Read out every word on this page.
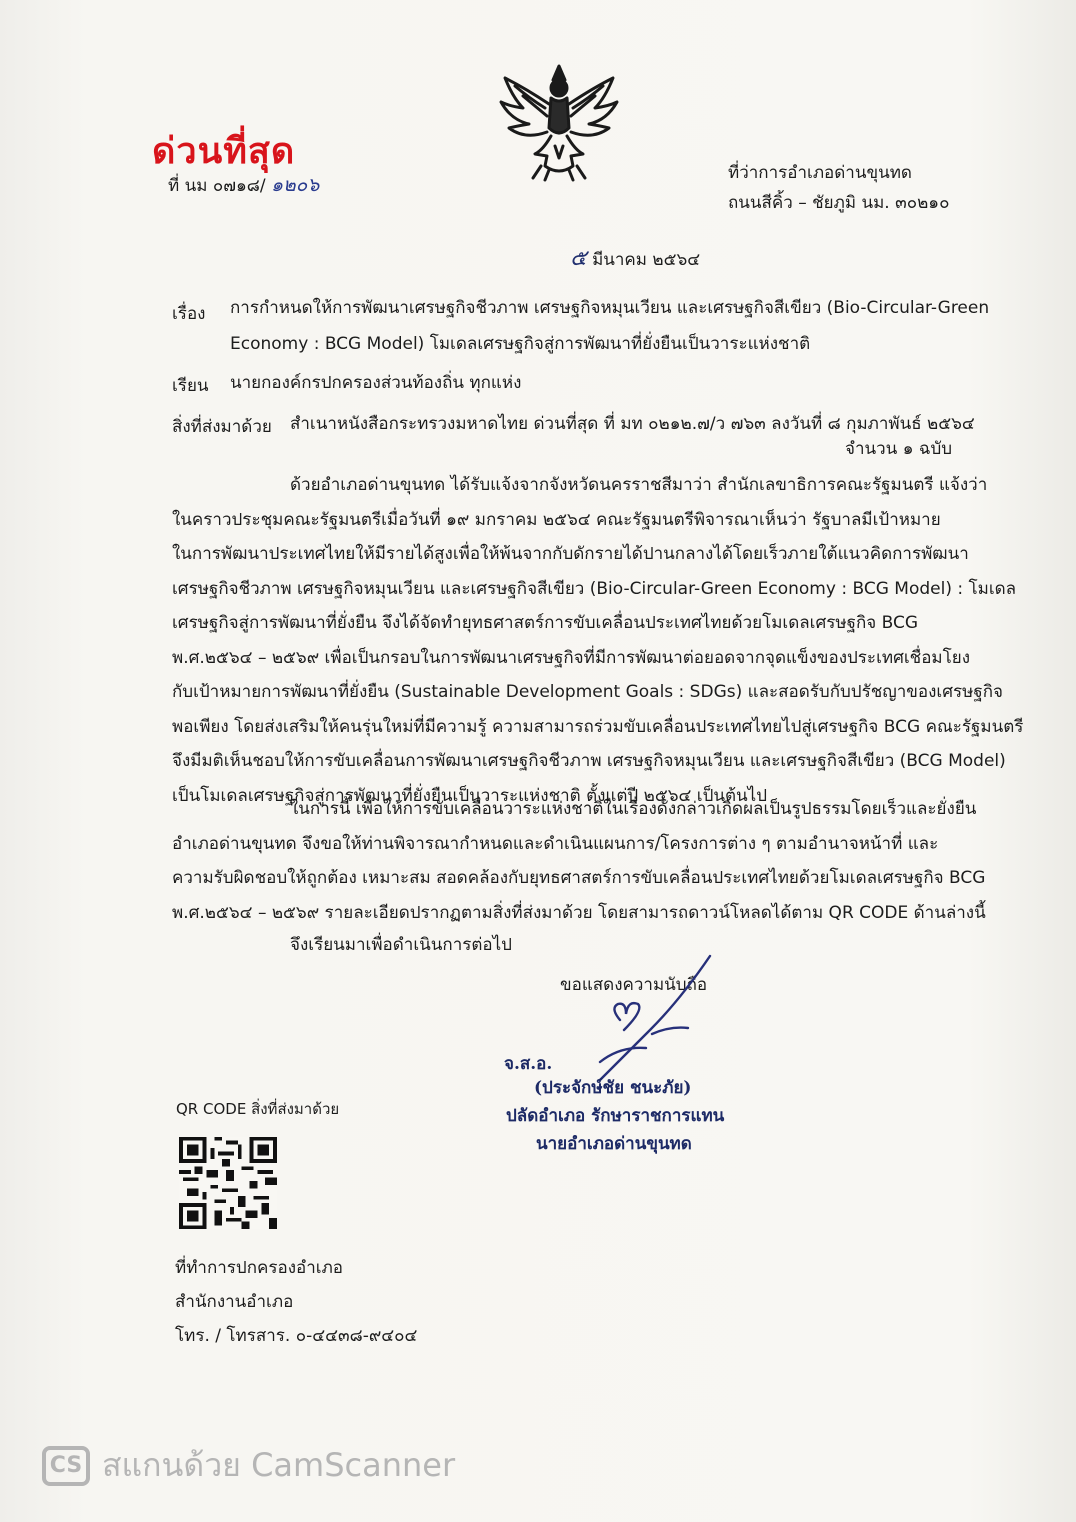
ด่วนที่สุด
ที่ นม ๐๗๑๘/ ๑๒๐๖
ที่ว่าการอำเภอด่านขุนทด
ถนนสีคิ้ว – ชัยภูมิ นม. ๓๐๒๑๐
๕ มีนาคม ๒๕๖๔
เรื่อง การกำหนดให้การพัฒนาเศรษฐกิจชีวภาพ เศรษฐกิจหมุนเวียน และเศรษฐกิจสีเขียว (Bio-Circular-Green
Economy : BCG Model) โมเดลเศรษฐกิจสู่การพัฒนาที่ยั่งยืนเป็นวาระแห่งชาติ
เรียน นายกองค์กรปกครองส่วนท้องถิ่น ทุกแห่ง
สิ่งที่ส่งมาด้วย สำเนาหนังสือกระทรวงมหาดไทย ด่วนที่สุด ที่ มท ๐๒๑๒.๗/ว ๗๖๓ ลงวันที่ ๘ กุมภาพันธ์ ๒๕๖๔
จำนวน ๑ ฉบับ
ด้วยอำเภอด่านขุนทด ได้รับแจ้งจากจังหวัดนครราชสีมาว่า สำนักเลขาธิการคณะรัฐมนตรี แจ้งว่า
ในคราวประชุมคณะรัฐมนตรีเมื่อวันที่ ๑๙ มกราคม ๒๕๖๔ คณะรัฐมนตรีพิจารณาเห็นว่า รัฐบาลมีเป้าหมาย
ในการพัฒนาประเทศไทยให้มีรายได้สูงเพื่อให้พ้นจากกับดักรายได้ปานกลางได้โดยเร็วภายใต้แนวคิดการพัฒนา
เศรษฐกิจชีวภาพ เศรษฐกิจหมุนเวียน และเศรษฐกิจสีเขียว (Bio-Circular-Green Economy : BCG Model) : โมเดล
เศรษฐกิจสู่การพัฒนาที่ยั่งยืน จึงได้จัดทำยุทธศาสตร์การขับเคลื่อนประเทศไทยด้วยโมเดลเศรษฐกิจ BCG
พ.ศ.๒๕๖๔ – ๒๕๖๙ เพื่อเป็นกรอบในการพัฒนาเศรษฐกิจที่มีการพัฒนาต่อยอดจากจุดแข็งของประเทศเชื่อมโยง
กับเป้าหมายการพัฒนาที่ยั่งยืน (Sustainable Development Goals : SDGs) และสอดรับกับปรัชญาของเศรษฐกิจ
พอเพียง โดยส่งเสริมให้คนรุ่นใหม่ที่มีความรู้ ความสามารถร่วมขับเคลื่อนประเทศไทยไปสู่เศรษฐกิจ BCG คณะรัฐมนตรี
จึงมีมติเห็นชอบให้การขับเคลื่อนการพัฒนาเศรษฐกิจชีวภาพ เศรษฐกิจหมุนเวียน และเศรษฐกิจสีเขียว (BCG Model)
เป็นโมเดลเศรษฐกิจสู่การพัฒนาที่ยั่งยืนเป็นวาระแห่งชาติ ตั้งแต่ปี ๒๕๖๔ เป็นต้นไป
ในการนี้ เพื่อให้การขับเคลื่อนวาระแห่งชาติในเรื่องดังกล่าวเกิดผลเป็นรูปธรรมโดยเร็วและยั่งยืน
อำเภอด่านขุนทด จึงขอให้ท่านพิจารณากำหนดและดำเนินแผนการ/โครงการต่าง ๆ ตามอำนาจหน้าที่ และ
ความรับผิดชอบให้ถูกต้อง เหมาะสม สอดคล้องกับยุทธศาสตร์การขับเคลื่อนประเทศไทยด้วยโมเดลเศรษฐกิจ BCG
พ.ศ.๒๕๖๔ – ๒๕๖๙ รายละเอียดปรากฏตามสิ่งที่ส่งมาด้วย โดยสามารถดาวน์โหลดได้ตาม QR CODE ด้านล่างนี้
จึงเรียนมาเพื่อดำเนินการต่อไป
ขอแสดงความนับถือ
จ.ส.อ.
(ประจักษ์ชัย ชนะภัย)
ปลัดอำเภอ รักษาราชการแทน
นายอำเภอด่านขุนทด
QR CODE สิ่งที่ส่งมาด้วย
ที่ทำการปกครองอำเภอ
สำนักงานอำเภอ
โทร. / โทรสาร. ๐-๔๔๓๘-๙๔๐๔
CS สแกนด้วย CamScanner
